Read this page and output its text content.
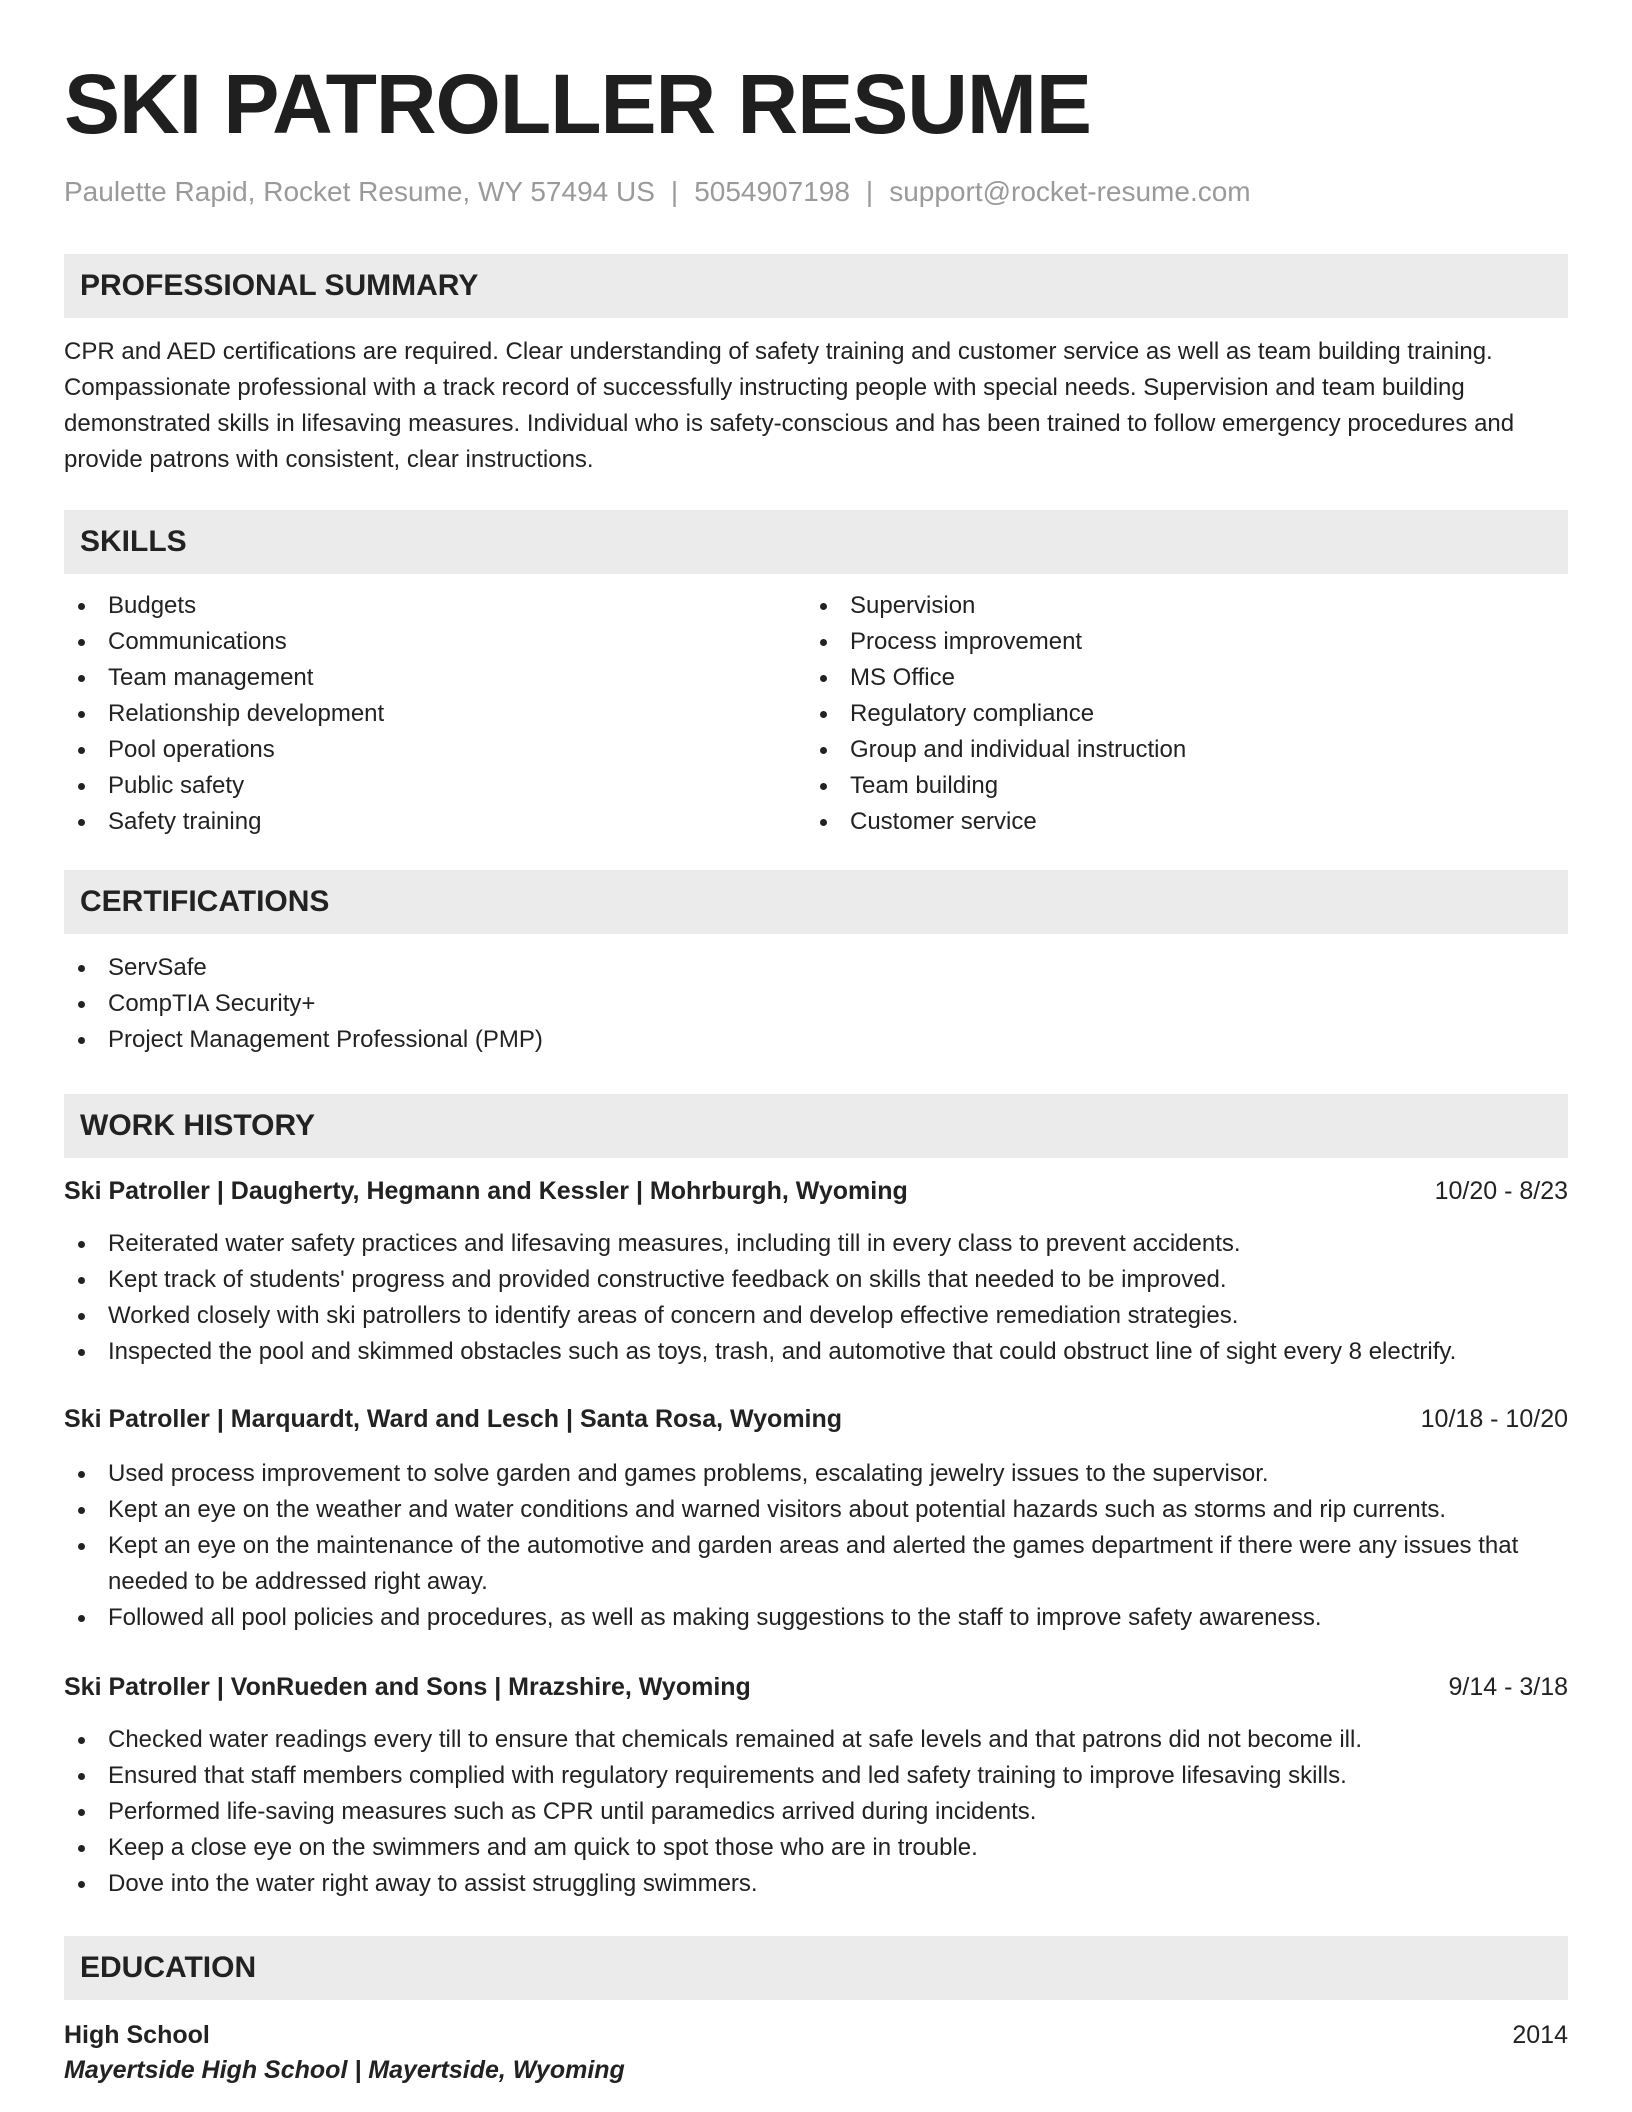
SKI PATROLLER RESUME
Paulette Rapid, Rocket Resume, WY 57494 US | 5054907198 | support@rocket-resume.com
PROFESSIONAL SUMMARY

CPR and AED certifications are required. Clear understanding of safety training and customer service as well as team building training. Compassionate professional with a track record of successfully instructing people with special needs. Supervision and team building demonstrated skills in lifesaving measures. Individual who is safety-conscious and has been trained to follow emergency procedures and provide patrons with consistent, clear instructions.

SKILLS
Budgets
Communications
Team management
Relationship development
Pool operations
Public safety
Safety training
Supervision
Process improvement
MS Office
Regulatory compliance
Group and individual instruction
Team building
Customer service
CERTIFICATIONS
ServSafe
CompTIA Security+
Project Management Professional (PMP)
WORK HISTORY
Ski Patroller | Daugherty, Hegmann and Kessler | Mohrburgh, Wyoming	10/20 - 8/23
Reiterated water safety practices and lifesaving measures, including till in every class to prevent accidents.
Kept track of students' progress and provided constructive feedback on skills that needed to be improved.
Worked closely with ski patrollers to identify areas of concern and develop effective remediation strategies.
Inspected the pool and skimmed obstacles such as toys, trash, and automotive that could obstruct line of sight every 8 electrify.
Ski Patroller | Marquardt, Ward and Lesch | Santa Rosa, Wyoming	10/18 - 10/20
Used process improvement to solve garden and games problems, escalating jewelry issues to the supervisor.
Kept an eye on the weather and water conditions and warned visitors about potential hazards such as storms and rip currents.
Kept an eye on the maintenance of the automotive and garden areas and alerted the games department if there were any issues that needed to be addressed right away.
Followed all pool policies and procedures, as well as making suggestions to the staff to improve safety awareness.
Ski Patroller | VonRueden and Sons | Mrazshire, Wyoming	9/14 - 3/18
Checked water readings every till to ensure that chemicals remained at safe levels and that patrons did not become ill.
Ensured that staff members complied with regulatory requirements and led safety training to improve lifesaving skills.
Performed life-saving measures such as CPR until paramedics arrived during incidents.
Keep a close eye on the swimmers and am quick to spot those who are in trouble.
Dove into the water right away to assist struggling swimmers.
EDUCATION
High School	2014
Mayertside High School | Mayertside, Wyoming
